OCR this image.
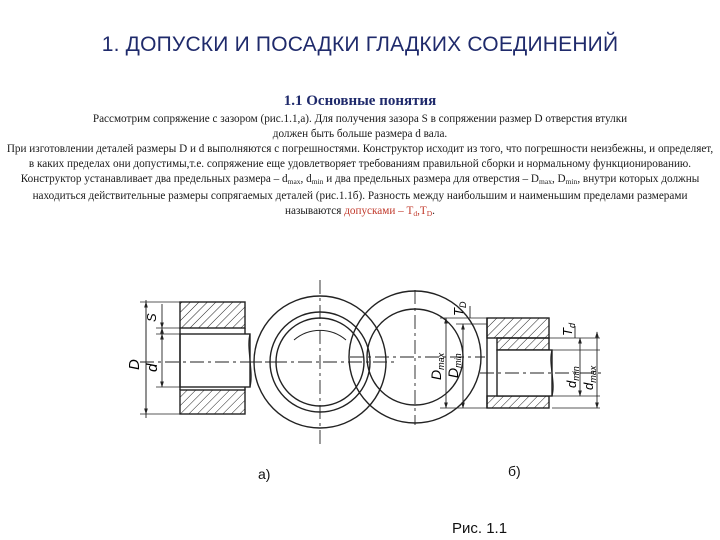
1. ДОПУСКИ И ПОСАДКИ ГЛАДКИХ СОЕДИНЕНИЙ
1.1 Основные понятия

Рассмотрим сопряжение с зазором (рис.1.1,а). Для получения зазора S в сопряжении размер D отверстия втулки
должен быть больше размера d вала.

При изготовлении деталей размеры D и d выполняются с погрешностями. Конструктор исходит из того, что погрешности неизбежны, и определяет, в каких пределах они допустимы,т.е. сопряжение еще удовлетворяет требованиям правильной сборки и нормальному функционированию. Конструктор устанавливает два предельных размера – $d_{max}$, $d_{min}$ и два предельных размера для отверстия – $D_{max}$, $D_{min}$, внутри которых должны находиться действительные размеры сопрягаемых деталей (рис.1.1б). Разность между наибольшим и наименьшим пределами размерами называются допусками – $T_d,T_D$.

S
D d
$D_{max}$
$D_{min}$
$T_D$
$T_d$
$d_{min}$
$d_{max}$
а)	б)
Рис. 1.1
